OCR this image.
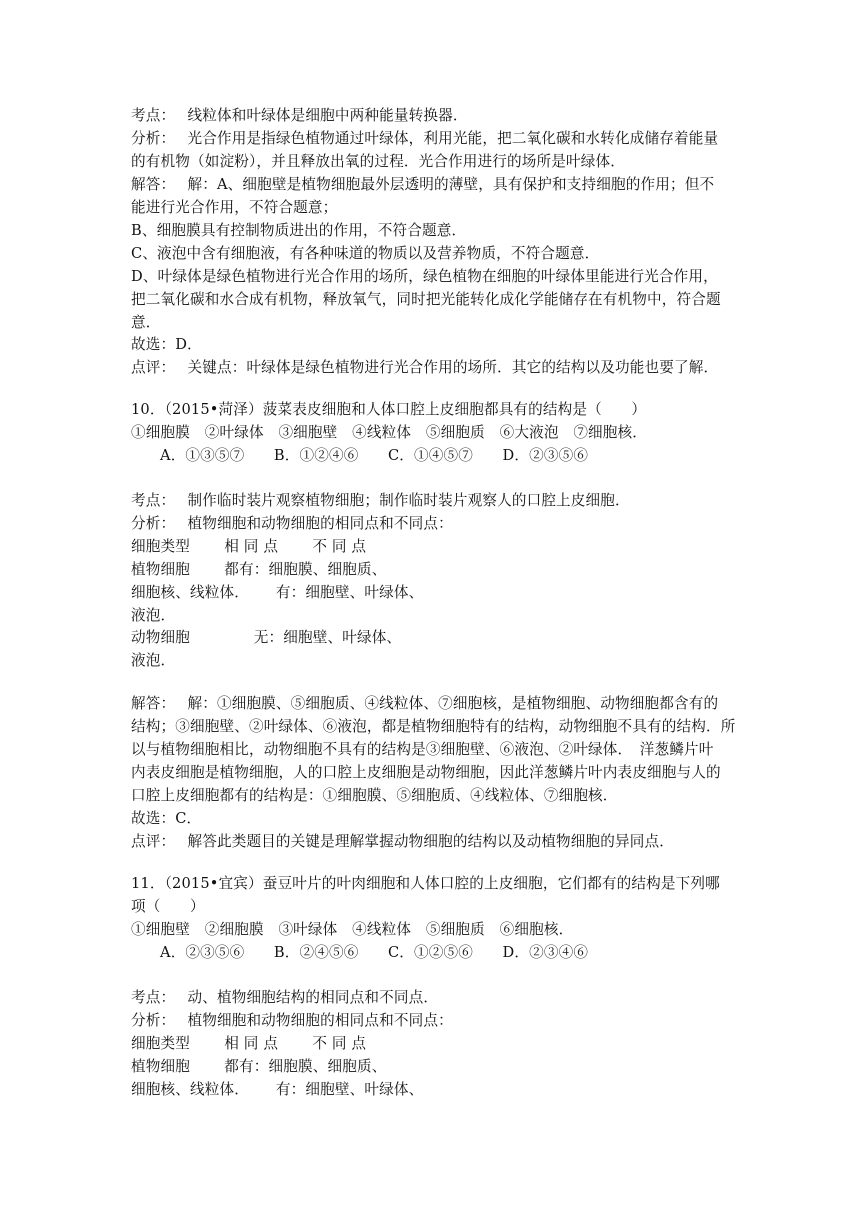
考点：　 线粒体和叶绿体是细胞中两种能量转换器．
分析：　 光合作用是指绿色植物通过叶绿体，利用光能，把二氧化碳和水转化成储存着能量
的有机物（如淀粉），并且释放出氧的过程．光合作用进行的场所是叶绿体．
解答：　 解：A、细胞壁是植物细胞最外层透明的薄壁，具有保护和支持细胞的作用；但不
能进行光合作用，不符合题意；
B、细胞膜具有控制物质进出的作用，不符合题意．
C、液泡中含有细胞液，有各种味道的物质以及营养物质，不符合题意．
D、叶绿体是绿色植物进行光合作用的场所，绿色植物在细胞的叶绿体里能进行光合作用，
把二氧化碳和水合成有机物，释放氧气，同时把光能转化成化学能储存在有机物中，符合题
意．
故选：D．
点评：　 关键点：叶绿体是绿色植物进行光合作用的场所．其它的结构以及功能也要了解．
10．（2015•菏泽）菠菜表皮细胞和人体口腔上皮细胞都具有的结构是（　　）
①细胞膜　②叶绿体　③细胞壁　④线粒体　⑤细胞质　⑥大液泡　⑦细胞核．
A．①③⑤⑦　　B．①②④⑥　　C．①④⑤⑦　　D．②③⑤⑥
考点：　 制作临时装片观察植物细胞；制作临时装片观察人的口腔上皮细胞．
分析：　 植物细胞和动物细胞的相同点和不同点：
细胞类型　　 相 同 点　　 不 同 点
植物细胞　　 都有：细胞膜、细胞质、
细胞核、线粒体．　　 有：细胞壁、叶绿体、
液泡．
动物细胞　　　　 无：细胞壁、叶绿体、
液泡．
解答：　 解：①细胞膜、⑤细胞质、④线粒体、⑦细胞核，是植物细胞、动物细胞都含有的
结构；③细胞壁、②叶绿体、⑥液泡，都是植物细胞特有的结构，动物细胞不具有的结构．所
以与植物细胞相比，动物细胞不具有的结构是③细胞壁、⑥液泡、②叶绿体．　洋葱鳞片叶
内表皮细胞是植物细胞，人的口腔上皮细胞是动物细胞，因此洋葱鳞片叶内表皮细胞与人的
口腔上皮细胞都有的结构是：①细胞膜、⑤细胞质、④线粒体、⑦细胞核．
故选：C．
点评：　 解答此类题目的关键是理解掌握动物细胞的结构以及动植物细胞的异同点．
11．（2015•宜宾）蚕豆叶片的叶肉细胞和人体口腔的上皮细胞，它们都有的结构是下列哪
项（　　）
①细胞壁　②细胞膜　③叶绿体　④线粒体　⑤细胞质　⑥细胞核．
A．②③⑤⑥　　B．②④⑤⑥　　C．①②⑤⑥　　D．②③④⑥
考点：　 动、植物细胞结构的相同点和不同点．
分析：　 植物细胞和动物细胞的相同点和不同点：
细胞类型　　 相 同 点　　 不 同 点
植物细胞　　 都有：细胞膜、细胞质、
细胞核、线粒体．　　 有：细胞壁、叶绿体、
